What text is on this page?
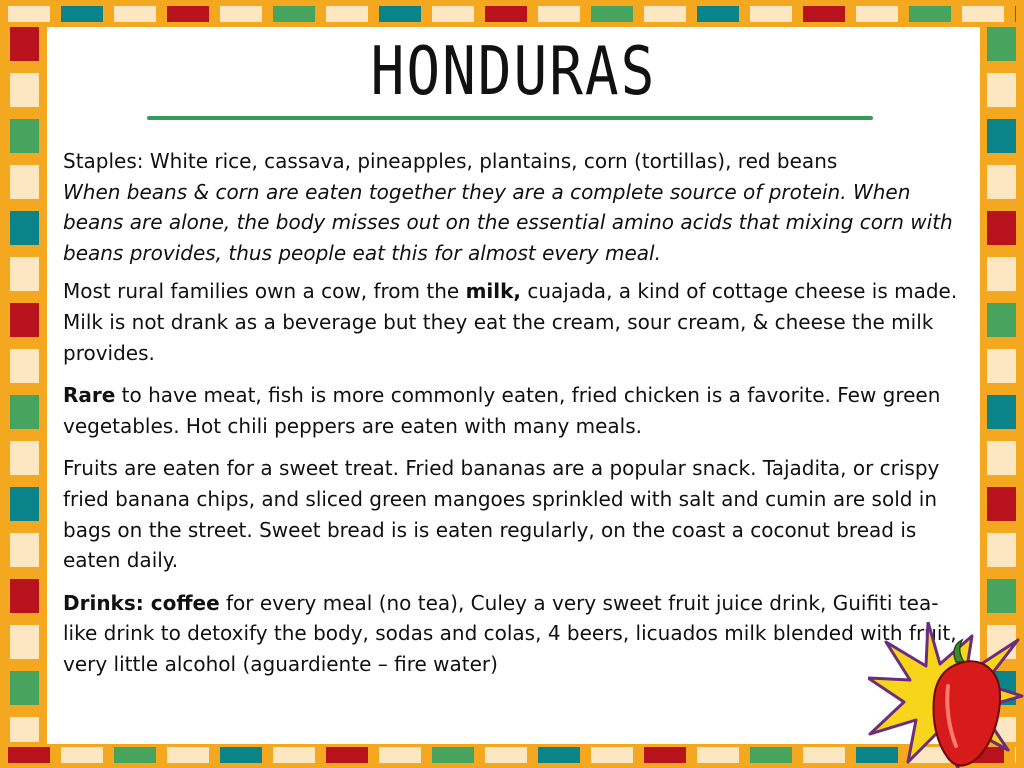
HONDURAS

Staples: White rice, cassava, pineapples, plantains, corn (tortillas), red beans
When beans & corn are eaten together they are a complete source of protein. When beans are alone, the body misses out on the essential amino acids that mixing corn with beans provides, thus people eat this for almost every meal.

Most rural families own a cow, from the milk, cuajada, a kind of cottage cheese is made. Milk is not drank as a beverage but they eat the cream, sour cream, & cheese the milk provides.

Rare to have meat, fish is more commonly eaten, fried chicken is a favorite. Few green vegetables. Hot chili peppers are eaten with many meals.

Fruits are eaten for a sweet treat. Fried bananas are a popular snack. Tajadita, or crispy fried banana chips, and sliced green mangoes sprinkled with salt and cumin are sold in bags on the street. Sweet bread is is eaten regularly, on the coast a coconut bread is eaten daily.

Drinks: coffee for every meal (no tea), Culey a very sweet fruit juice drink, Guifiti tea-like drink to detoxify the body, sodas and colas, 4 beers, licuados milk blended with fruit, very little alcohol (aguardiente – fire water)
